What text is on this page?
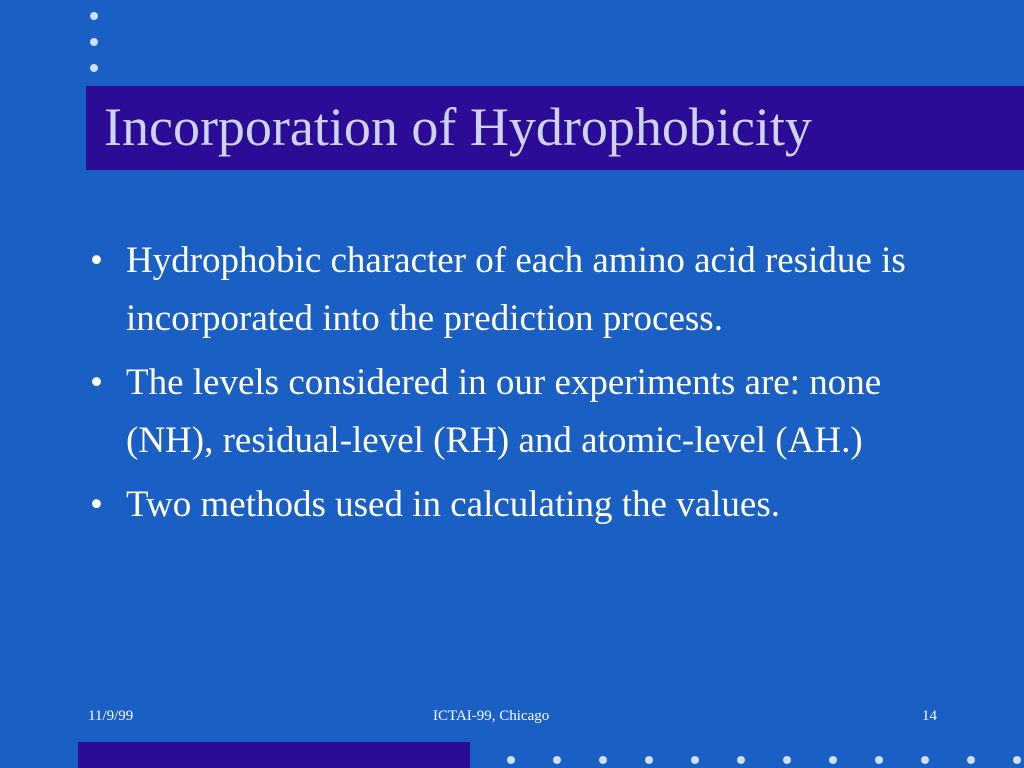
Incorporation of Hydrophobicity
• Hydrophobic character of each amino acid residue is incorporated into the prediction process.
• The levels considered in our experiments are: none (NH), residual-level (RH) and atomic-level (AH.)
• Two methods used in calculating the values.
11/9/99	ICTAI-99, Chicago	14
